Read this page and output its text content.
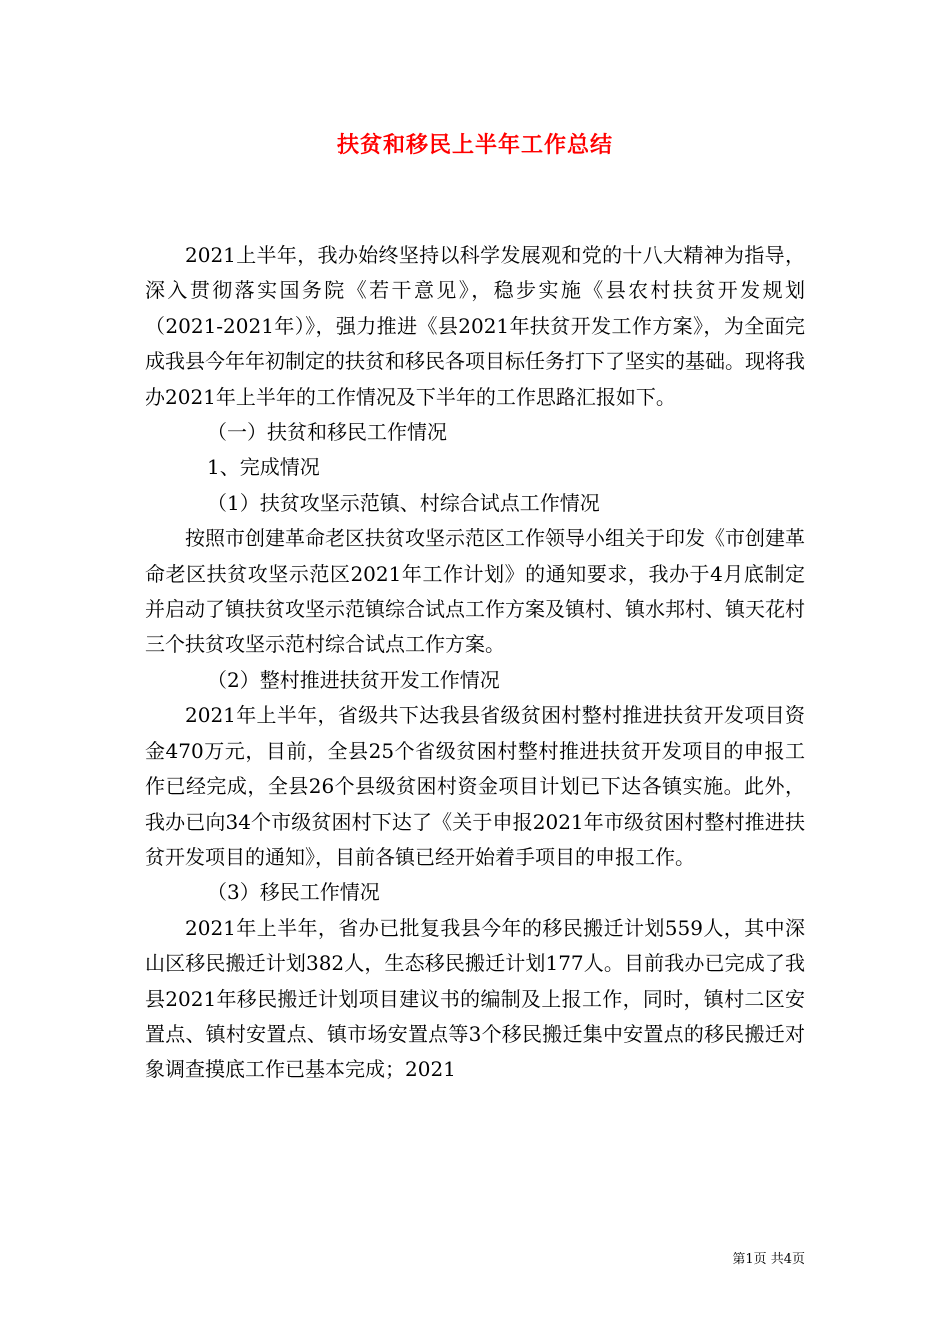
扶贫和移民上半年工作总结

2021上半年，我办始终坚持以科学发展观和党的十八大精神为指导，深入贯彻落实国务院《若干意见》，稳步实施《县农村扶贫开发规划（2021-2021年）》，强力推进《县2021年扶贫开发工作方案》，为全面完成我县今年年初制定的扶贫和移民各项目标任务打下了坚实的基础。现将我办2021年上半年的工作情况及下半年的工作思路汇报如下。

（一）扶贫和移民工作情况

1、完成情况

（1）扶贫攻坚示范镇、村综合试点工作情况

按照市创建革命老区扶贫攻坚示范区工作领导小组关于印发《市创建革命老区扶贫攻坚示范区2021年工作计划》的通知要求，我办于4月底制定并启动了镇扶贫攻坚示范镇综合试点工作方案及镇村、镇水邦村、镇天花村三个扶贫攻坚示范村综合试点工作方案。

（2）整村推进扶贫开发工作情况

2021年上半年，省级共下达我县省级贫困村整村推进扶贫开发项目资金470万元，目前，全县25个省级贫困村整村推进扶贫开发项目的申报工作已经完成，全县26个县级贫困村资金项目计划已下达各镇实施。此外，我办已向34个市级贫困村下达了《关于申报2021年市级贫困村整村推进扶贫开发项目的通知》，目前各镇已经开始着手项目的申报工作。

（3）移民工作情况

2021年上半年，省办已批复我县今年的移民搬迁计划559人，其中深山区移民搬迁计划382人，生态移民搬迁计划177人。目前我办已完成了我县2021年移民搬迁计划项目建议书的编制及上报工作，同时，镇村二区安置点、镇村安置点、镇市场安置点等3个移民搬迁集中安置点的移民搬迁对象调查摸底工作已基本完成；2021

第1页 共4页
